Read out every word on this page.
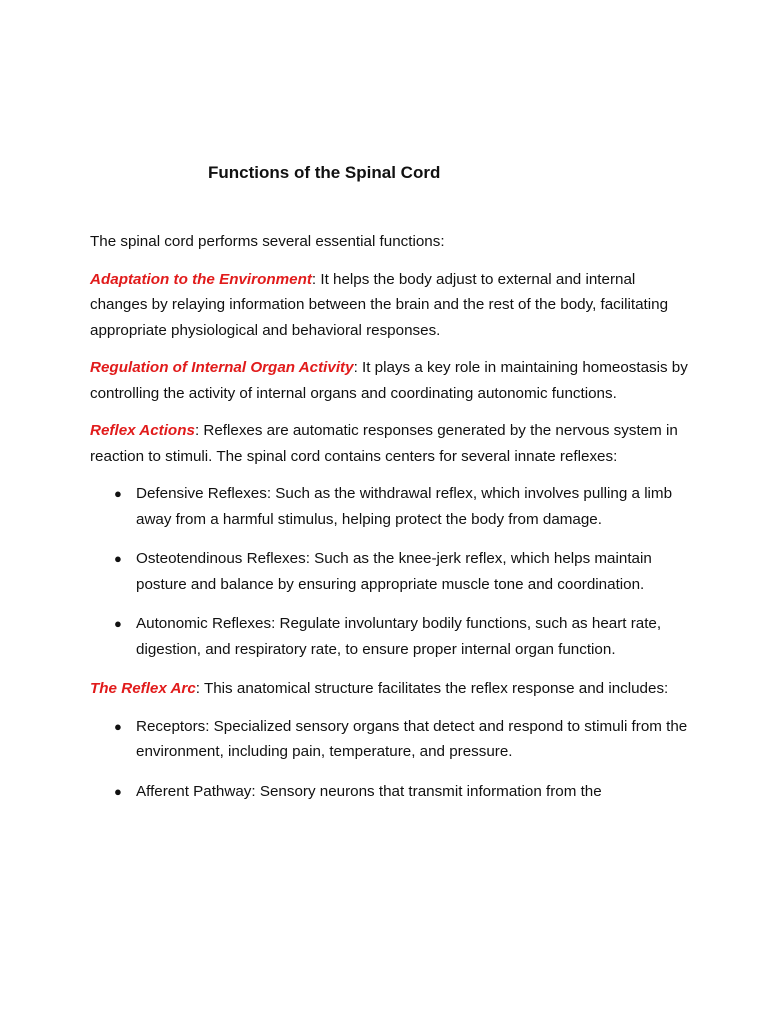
Functions of the Spinal Cord

The spinal cord performs several essential functions:

Adaptation to the Environment: It helps the body adjust to external and internal changes by relaying information between the brain and the rest of the body, facilitating appropriate physiological and behavioral responses.

Regulation of Internal Organ Activity: It plays a key role in maintaining homeostasis by controlling the activity of internal organs and coordinating autonomic functions.

Reflex Actions: Reflexes are automatic responses generated by the nervous system in reaction to stimuli. The spinal cord contains centers for several innate reflexes:

● Defensive Reflexes: Such as the withdrawal reflex, which involves pulling a limb away from a harmful stimulus, helping protect the body from damage.
● Osteotendinous Reflexes: Such as the knee-jerk reflex, which helps maintain posture and balance by ensuring appropriate muscle tone and coordination.
● Autonomic Reflexes: Regulate involuntary bodily functions, such as heart rate, digestion, and respiratory rate, to ensure proper internal organ function.

The Reflex Arc: This anatomical structure facilitates the reflex response and includes:

● Receptors: Specialized sensory organs that detect and respond to stimuli from the environment, including pain, temperature, and pressure.
● Afferent Pathway: Sensory neurons that transmit information from the
